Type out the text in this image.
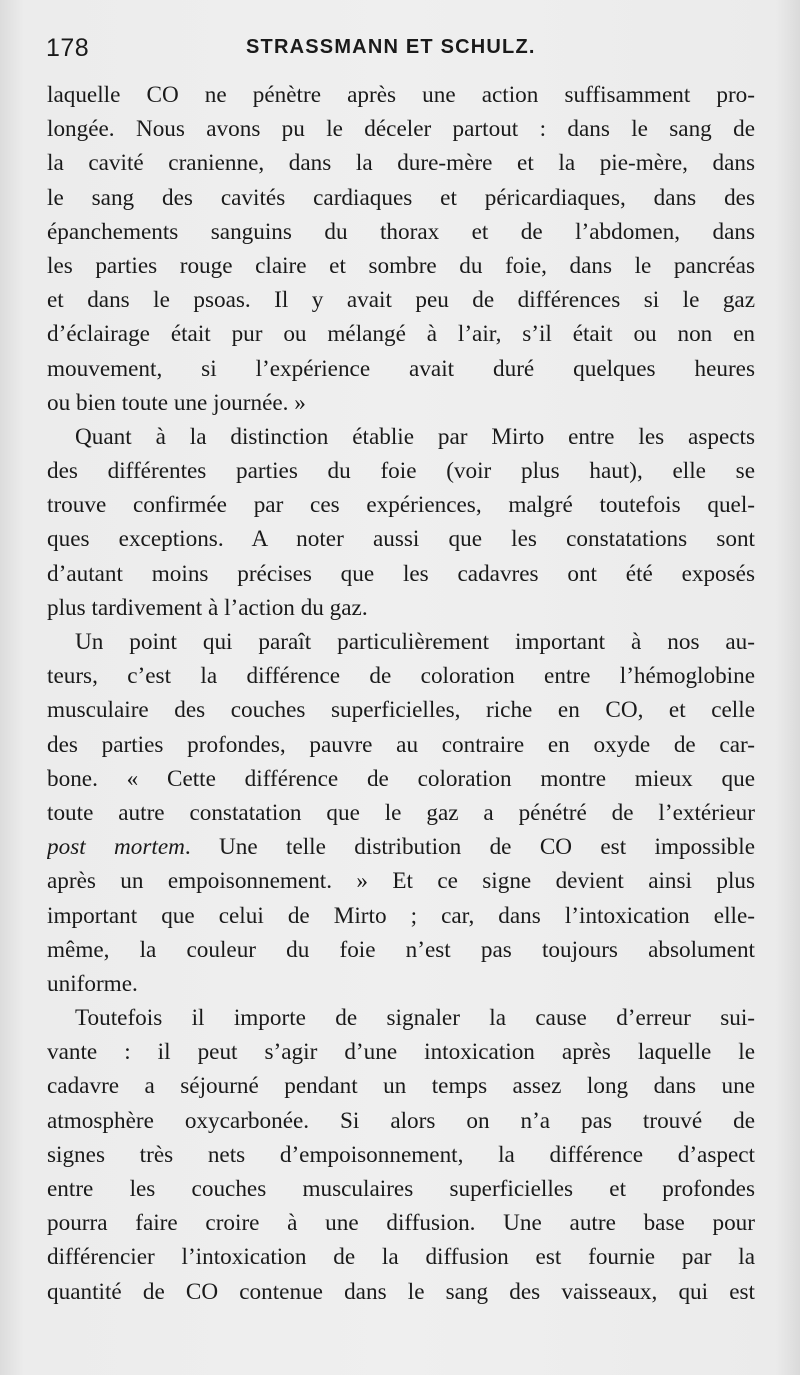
178	STRASSMANN ET SCHULZ.
laquelle CO ne pénètre après une action suffisamment pro-
longée. Nous avons pu le déceler partout : dans le sang de
la cavité cranienne, dans la dure-mère et la pie-mère, dans
le sang des cavités cardiaques et péricardiaques, dans des
épanchements sanguins du thorax et de l’abdomen, dans
les parties rouge claire et sombre du foie, dans le pancréas
et dans le psoas. Il y avait peu de différences si le gaz
d’éclairage était pur ou mélangé à l’air, s’il était ou non en
mouvement, si l’expérience avait duré quelques heures
ou bien toute une journée. »
Quant à la distinction établie par Mirto entre les aspects
des différentes parties du foie (voir plus haut), elle se
trouve confirmée par ces expériences, malgré toutefois quel-
ques exceptions. A noter aussi que les constatations sont
d’autant moins précises que les cadavres ont été exposés
plus tardivement à l’action du gaz.
Un point qui paraît particulièrement important à nos au-
teurs, c’est la différence de coloration entre l’hémoglobine
musculaire des couches superficielles, riche en CO, et celle
des parties profondes, pauvre au contraire en oxyde de car-
bone. « Cette différence de coloration montre mieux que
toute autre constatation que le gaz a pénétré de l’extérieur
post mortem. Une telle distribution de CO est impossible
après un empoisonnement. » Et ce signe devient ainsi plus
important que celui de Mirto ; car, dans l’intoxication elle-
même, la couleur du foie n’est pas toujours absolument
uniforme.
Toutefois il importe de signaler la cause d’erreur sui-
vante : il peut s’agir d’une intoxication après laquelle le
cadavre a séjourné pendant un temps assez long dans une
atmosphère oxycarbonée. Si alors on n’a pas trouvé de
signes très nets d’empoisonnement, la différence d’aspect
entre les couches musculaires superficielles et profondes
pourra faire croire à une diffusion. Une autre base pour
différencier l’intoxication de la diffusion est fournie par la
quantité de CO contenue dans le sang des vaisseaux, qui est
